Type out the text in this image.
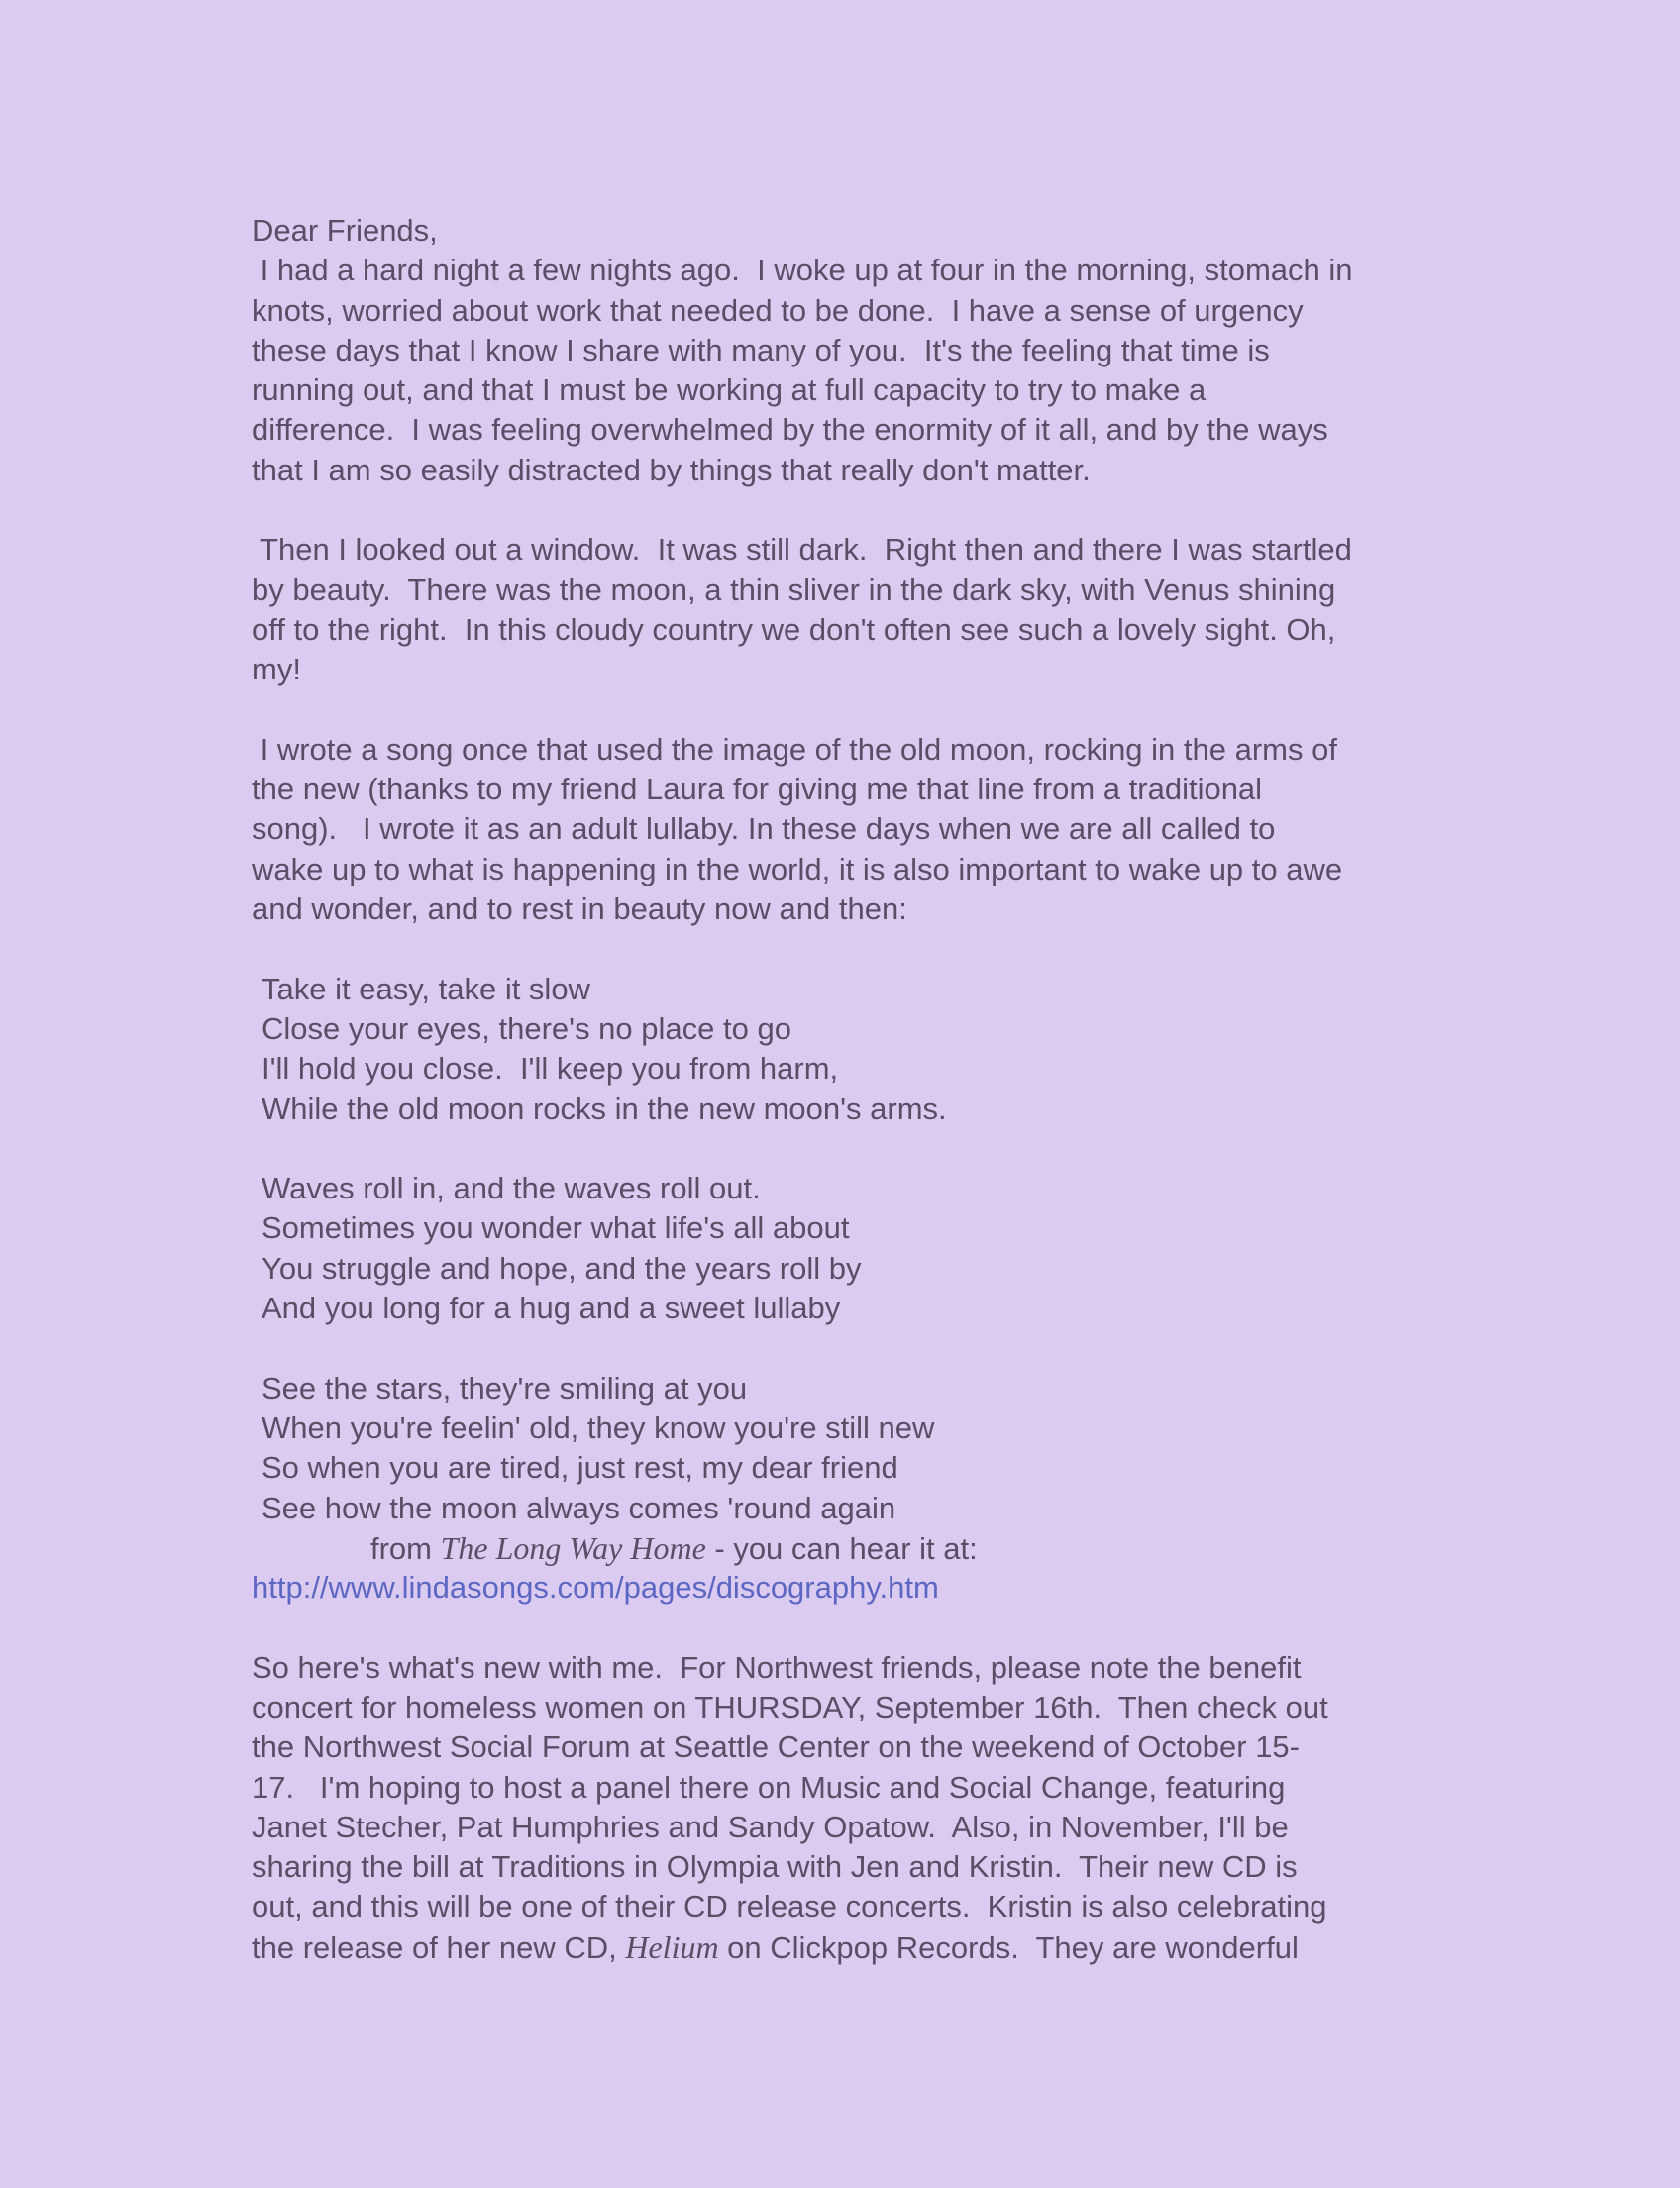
Dear Friends,
I had a hard night a few nights ago.  I woke up at four in the morning, stomach in
knots, worried about work that needed to be done.  I have a sense of urgency
these days that I know I share with many of you.  It's the feeling that time is
running out, and that I must be working at full capacity to try to make a
difference.  I was feeling overwhelmed by the enormity of it all, and by the ways
that I am so easily distracted by things that really don't matter.
Then I looked out a window.  It was still dark.  Right then and there I was startled
by beauty.  There was the moon, a thin sliver in the dark sky, with Venus shining
off to the right.  In this cloudy country we don't often see such a lovely sight. Oh,
my!
I wrote a song once that used the image of the old moon, rocking in the arms of
the new (thanks to my friend Laura for giving me that line from a traditional
song).   I wrote it as an adult lullaby. In these days when we are all called to
wake up to what is happening in the world, it is also important to wake up to awe
and wonder, and to rest in beauty now and then:
Take it easy, take it slow
Close your eyes, there's no place to go
I'll hold you close.  I'll keep you from harm,
While the old moon rocks in the new moon's arms.
Waves roll in, and the waves roll out.
Sometimes you wonder what life's all about
You struggle and hope, and the years roll by
And you long for a hug and a sweet lullaby
See the stars, they're smiling at you
When you're feelin' old, they know you're still new
So when you are tired, just rest, my dear friend
See how the moon always comes 'round again
from The Long Way Home - you can hear it at:
http://www.lindasongs.com/pages/discography.htm
So here's what's new with me.  For Northwest friends, please note the benefit
concert for homeless women on THURSDAY, September 16th.  Then check out
the Northwest Social Forum at Seattle Center on the weekend of October 15-
17.   I'm hoping to host a panel there on Music and Social Change, featuring
Janet Stecher, Pat Humphries and Sandy Opatow.  Also, in November, I'll be
sharing the bill at Traditions in Olympia with Jen and Kristin.  Their new CD is
out, and this will be one of their CD release concerts.  Kristin is also celebrating
the release of her new CD, Helium on Clickpop Records.  They are wonderful
